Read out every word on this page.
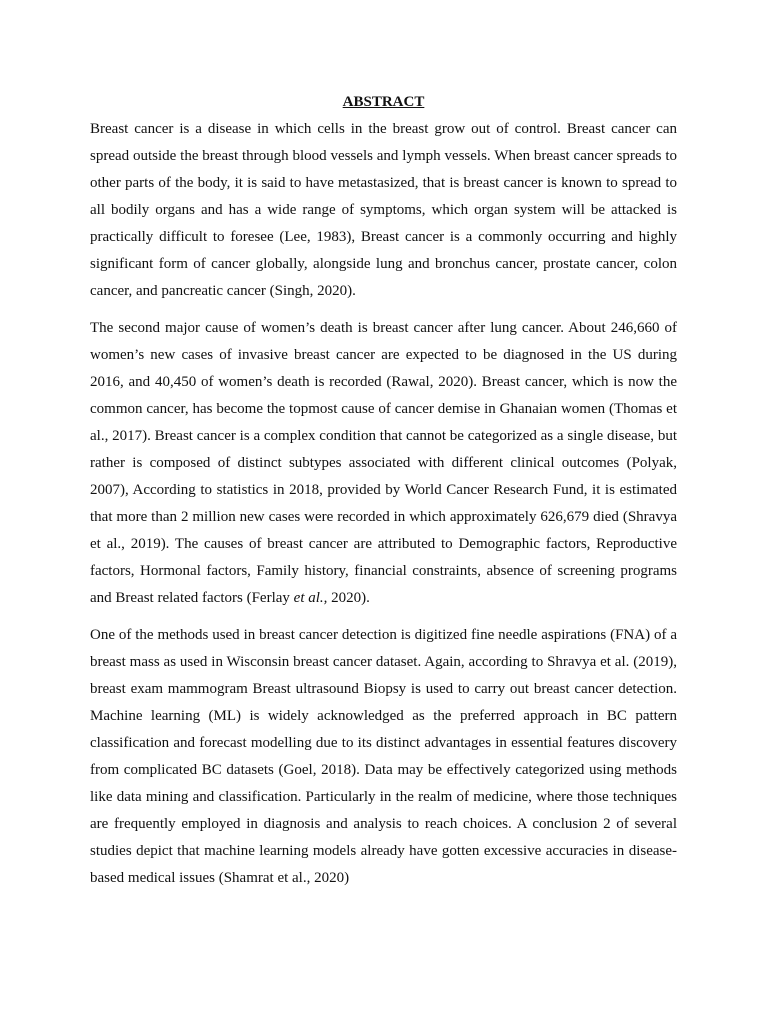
ABSTRACT

Breast cancer is a disease in which cells in the breast grow out of control. Breast cancer can spread outside the breast through blood vessels and lymph vessels. When breast cancer spreads to other parts of the body, it is said to have metastasized, that is breast cancer is known to spread to all bodily organs and has a wide range of symptoms, which organ system will be attacked is practically difficult to foresee (Lee, 1983), Breast cancer is a commonly occurring and highly significant form of cancer globally, alongside lung and bronchus cancer, prostate cancer, colon cancer, and pancreatic cancer (Singh, 2020).

The second major cause of women’s death is breast cancer after lung cancer. About 246,660 of women’s new cases of invasive breast cancer are expected to be diagnosed in the US during 2016, and 40,450 of women’s death is recorded (Rawal, 2020). Breast cancer, which is now the common cancer, has become the topmost cause of cancer demise in Ghanaian women (Thomas et al., 2017). Breast cancer is a complex condition that cannot be categorized as a single disease, but rather is composed of distinct subtypes associated with different clinical outcomes (Polyak, 2007), According to statistics in 2018, provided by World Cancer Research Fund, it is estimated that more than 2 million new cases were recorded in which approximately 626,679 died (Shravya et al., 2019). The causes of breast cancer are attributed to Demographic factors, Reproductive factors, Hormonal factors, Family history, financial constraints, absence of screening programs and Breast related factors (Ferlay et al., 2020).

One of the methods used in breast cancer detection is digitized fine needle aspirations (FNA) of a breast mass as used in Wisconsin breast cancer dataset. Again, according to Shravya et al. (2019), breast exam mammogram Breast ultrasound Biopsy is used to carry out breast cancer detection. Machine learning (ML) is widely acknowledged as the preferred approach in BC pattern classification and forecast modelling due to its distinct advantages in essential features discovery from complicated BC datasets (Goel, 2018). Data may be effectively categorized using methods like data mining and classification. Particularly in the realm of medicine, where those techniques are frequently employed in diagnosis and analysis to reach choices. A conclusion 2 of several studies depict that machine learning models already have gotten excessive accuracies in disease-based medical issues (Shamrat et al., 2020)
